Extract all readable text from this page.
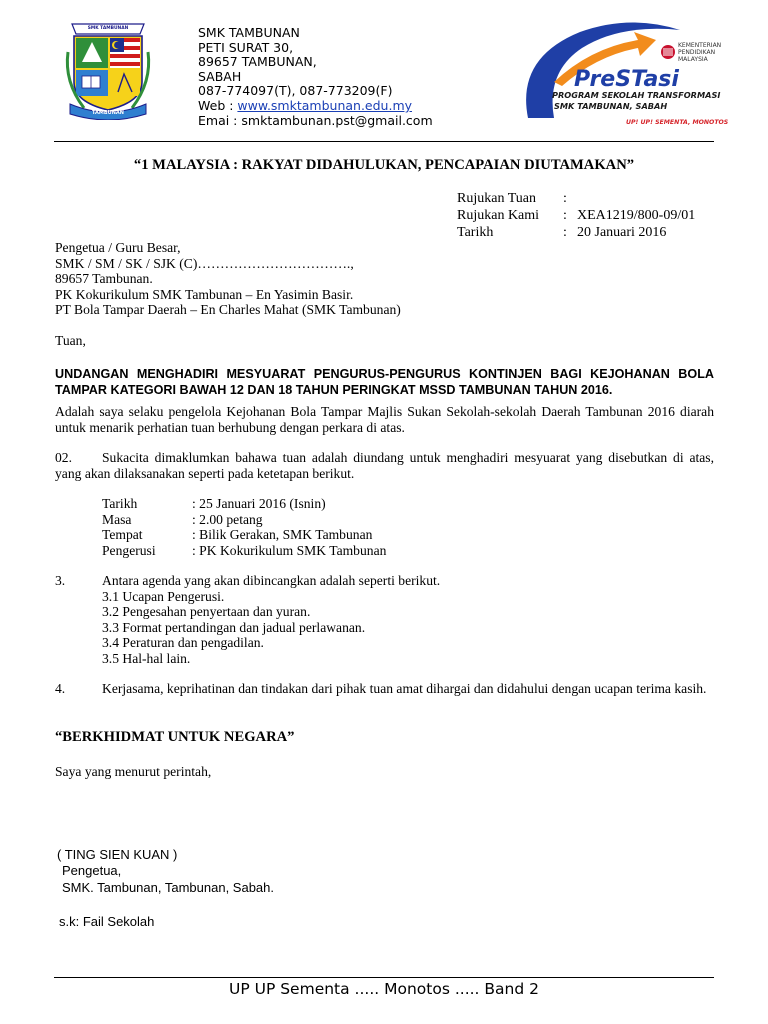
SMK TAMBUNAN
TAMBUNAN
SMK TAMBUNAN
PETI SURAT 30,
89657 TAMBUNAN,
SABAH
087-774097(T), 087-773209(F)
Web : www.smktambunan.edu.my
Emai : smktambunan.pst@gmail.com
KEMENTERIAN
PENDIDIKAN
MALAYSIA
PreSTasi
PROGRAM SEKOLAH TRANSFORMASI
SMK TAMBUNAN, SABAH
UP! UP! SEMENTA, MONOTOS
“1 MALAYSIA : RAKYAT DIDAHULUKAN, PENCAPAIAN DIUTAMAKAN”
Rujukan Tuan :
Rujukan Kami : XEA1219/800-09/01
Tarikh	: 20 Januari 2016
Pengetua / Guru Besar,
SMK / SM / SK / SJK (C)…………………………….,
89657 Tambunan.
PK Kokurikulum SMK Tambunan – En Yasimin Basir.
PT Bola Tampar Daerah – En Charles Mahat (SMK Tambunan)
Tuan,
UNDANGAN MENGHADIRI MESYUARAT PENGURUS-PENGURUS KONTINJEN BAGI KEJOHANAN BOLA TAMPAR KATEGORI BAWAH 12 DAN 18 TAHUN PERINGKAT MSSD TAMBUNAN TAHUN 2016.
Adalah saya selaku pengelola Kejohanan Bola Tampar Majlis Sukan Sekolah-sekolah Daerah Tambunan 2016 diarah untuk menarik perhatian tuan berhubung dengan perkara di atas.
02. Sukacita dimaklumkan bahawa tuan adalah diundang untuk menghadiri mesyuarat yang disebutkan di atas, yang akan dilaksanakan seperti pada ketetapan berikut.
Tarikh	: 25 Januari 2016 (Isnin)
Masa	: 2.00 petang
Tempat	: Bilik Gerakan, SMK Tambunan
Pengerusi	: PK Kokurikulum SMK Tambunan
3.	Antara agenda yang akan dibincangkan adalah seperti berikut.
3.1 Ucapan Pengerusi.
3.2 Pengesahan penyertaan dan yuran.
3.3 Format pertandingan dan jadual perlawanan.
3.4 Peraturan dan pengadilan.
3.5 Hal-hal lain.
4.	Kerjasama, keprihatinan dan tindakan dari pihak tuan amat dihargai dan didahului dengan ucapan terima kasih.
“BERKHIDMAT UNTUK NEGARA”
Saya yang menurut perintah,
( TING SIEN KUAN )
Pengetua,
SMK. Tambunan, Tambunan, Sabah.
s.k: Fail Sekolah
UP UP Sementa ..... Monotos ..... Band 2
